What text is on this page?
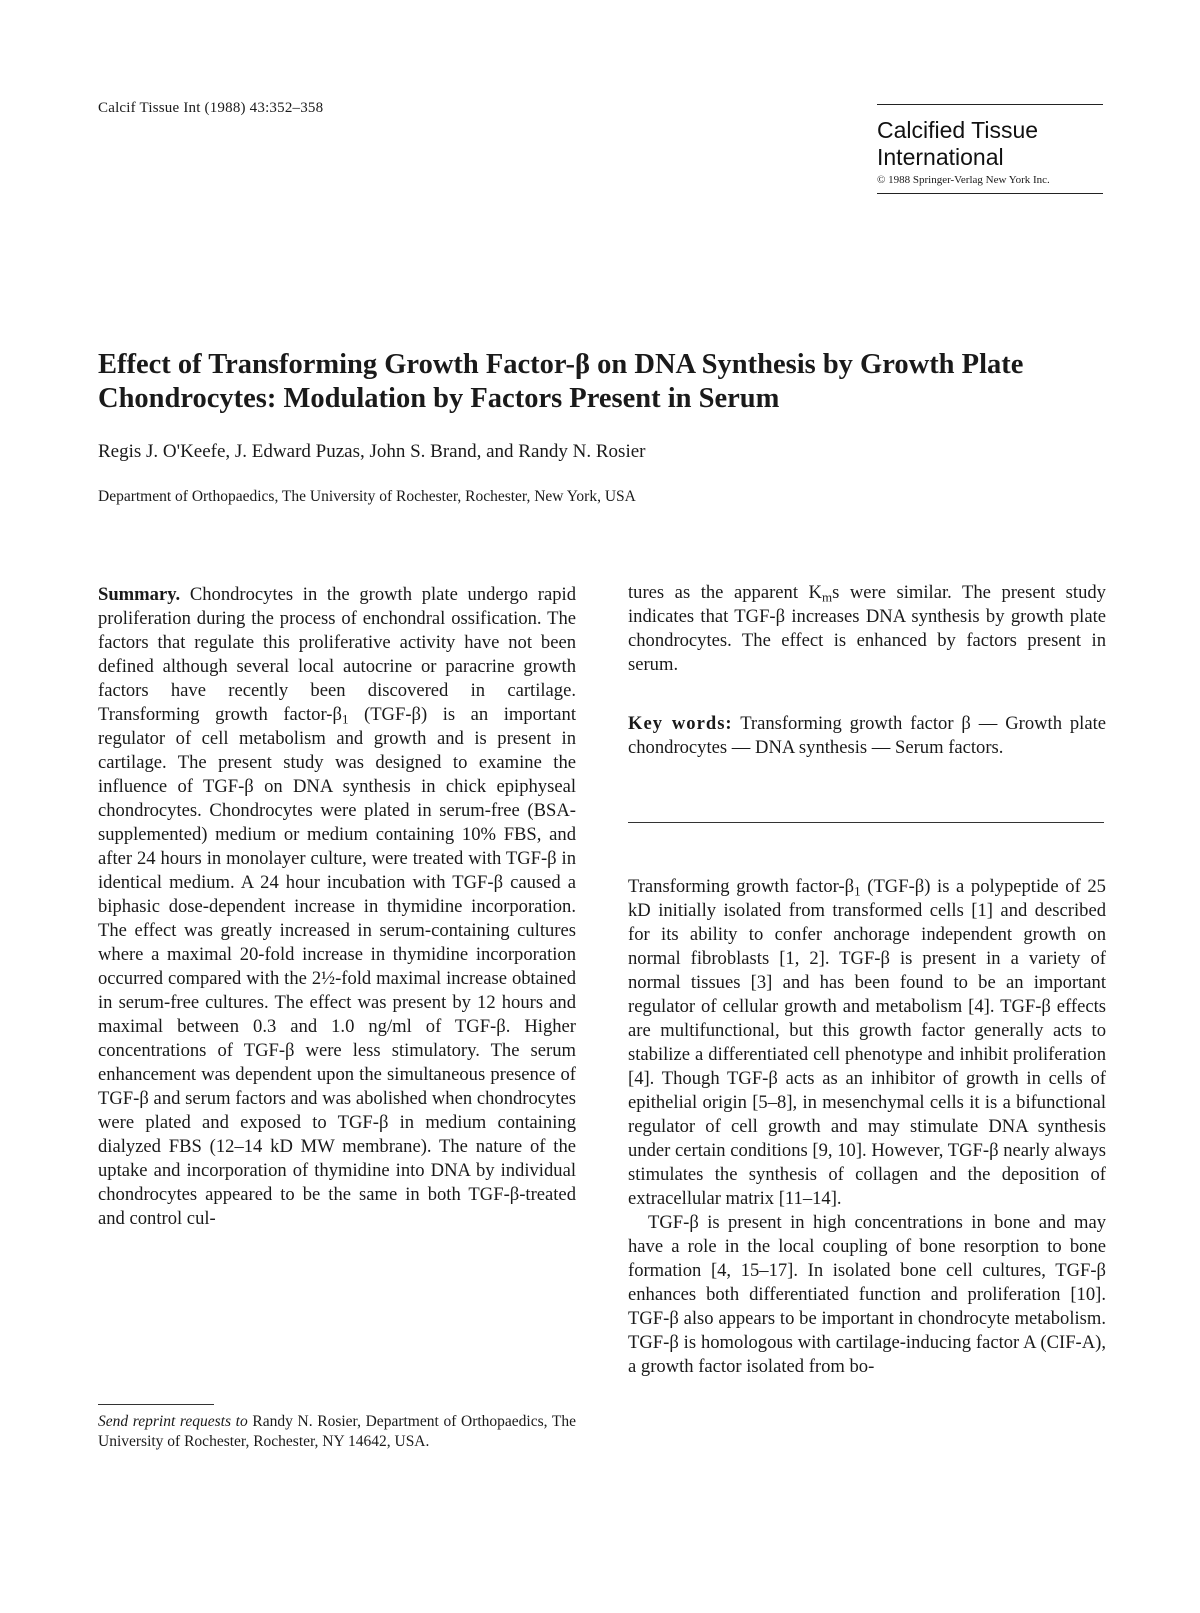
Calcif Tissue Int (1988) 43:352–358
Calcified Tissue
International
© 1988 Springer-Verlag New York Inc.
Effect of Transforming Growth Factor-β on DNA Synthesis by Growth Plate
Chondrocytes: Modulation by Factors Present in Serum
Regis J. O'Keefe, J. Edward Puzas, John S. Brand, and Randy N. Rosier
Department of Orthopaedics, The University of Rochester, Rochester, New York, USA

Summary. Chondrocytes in the growth plate undergo rapid proliferation during the process of enchondral ossification. The factors that regulate this proliferative activity have not been defined although several local autocrine or paracrine growth factors have recently been discovered in cartilage. Transforming growth factor-$\beta_1$ (TGF-β) is an important regulator of cell metabolism and growth and is present in cartilage. The present study was designed to examine the influence of TGF-β on DNA synthesis in chick epiphyseal chondrocytes. Chondrocytes were plated in serum-free (BSA-supplemented) medium or medium containing 10% FBS, and after 24 hours in monolayer culture, were treated with TGF-β in identical medium. A 24 hour incubation with TGF-β caused a biphasic dose-dependent increase in thymidine incorporation. The effect was greatly increased in serum-containing cultures where a maximal 20-fold increase in thymidine incorporation occurred compared with the 2½-fold maximal increase obtained in serum-free cultures. The effect was present by 12 hours and maximal between 0.3 and 1.0 ng/ml of TGF-β. Higher concentrations of TGF-β were less stimulatory. The serum enhancement was dependent upon the simultaneous presence of TGF-β and serum factors and was abolished when chondrocytes were plated and exposed to TGF-β in medium containing dialyzed FBS (12–14 kD MW membrane). The nature of the uptake and incorporation of thymidine into DNA by individual chondrocytes appeared to be the same in both TGF-β-treated and control cul-

tures as the apparent $K_ms$ were similar. The present study indicates that TGF-β increases DNA synthesis by growth plate chondrocytes. The effect is enhanced by factors present in serum.

Key words: Transforming growth factor β — Growth plate chondrocytes — DNA synthesis — Serum factors.

Transforming growth factor-$\beta_1$ (TGF-β) is a polypeptide of 25 kD initially isolated from transformed cells [1] and described for its ability to confer anchorage independent growth on normal fibroblasts [1, 2]. TGF-β is present in a variety of normal tissues [3] and has been found to be an important regulator of cellular growth and metabolism [4]. TGF-β effects are multifunctional, but this growth factor generally acts to stabilize a differentiated cell phenotype and inhibit proliferation [4]. Though TGF-β acts as an inhibitor of growth in cells of epithelial origin [5–8], in mesenchymal cells it is a bifunctional regulator of cell growth and may stimulate DNA synthesis under certain conditions [9, 10]. However, TGF-β nearly always stimulates the synthesis of collagen and the deposition of extracellular matrix [11–14].

TGF-β is present in high concentrations in bone and may have a role in the local coupling of bone resorption to bone formation [4, 15–17]. In isolated bone cell cultures, TGF-β enhances both differentiated function and proliferation [10]. TGF-β also appears to be important in chondrocyte metabolism. TGF-β is homologous with cartilage-inducing factor A (CIF-A), a growth factor isolated from bo-

Send reprint requests to Randy N. Rosier, Department of Orthopaedics, The University of Rochester, Rochester, NY 14642, USA.
